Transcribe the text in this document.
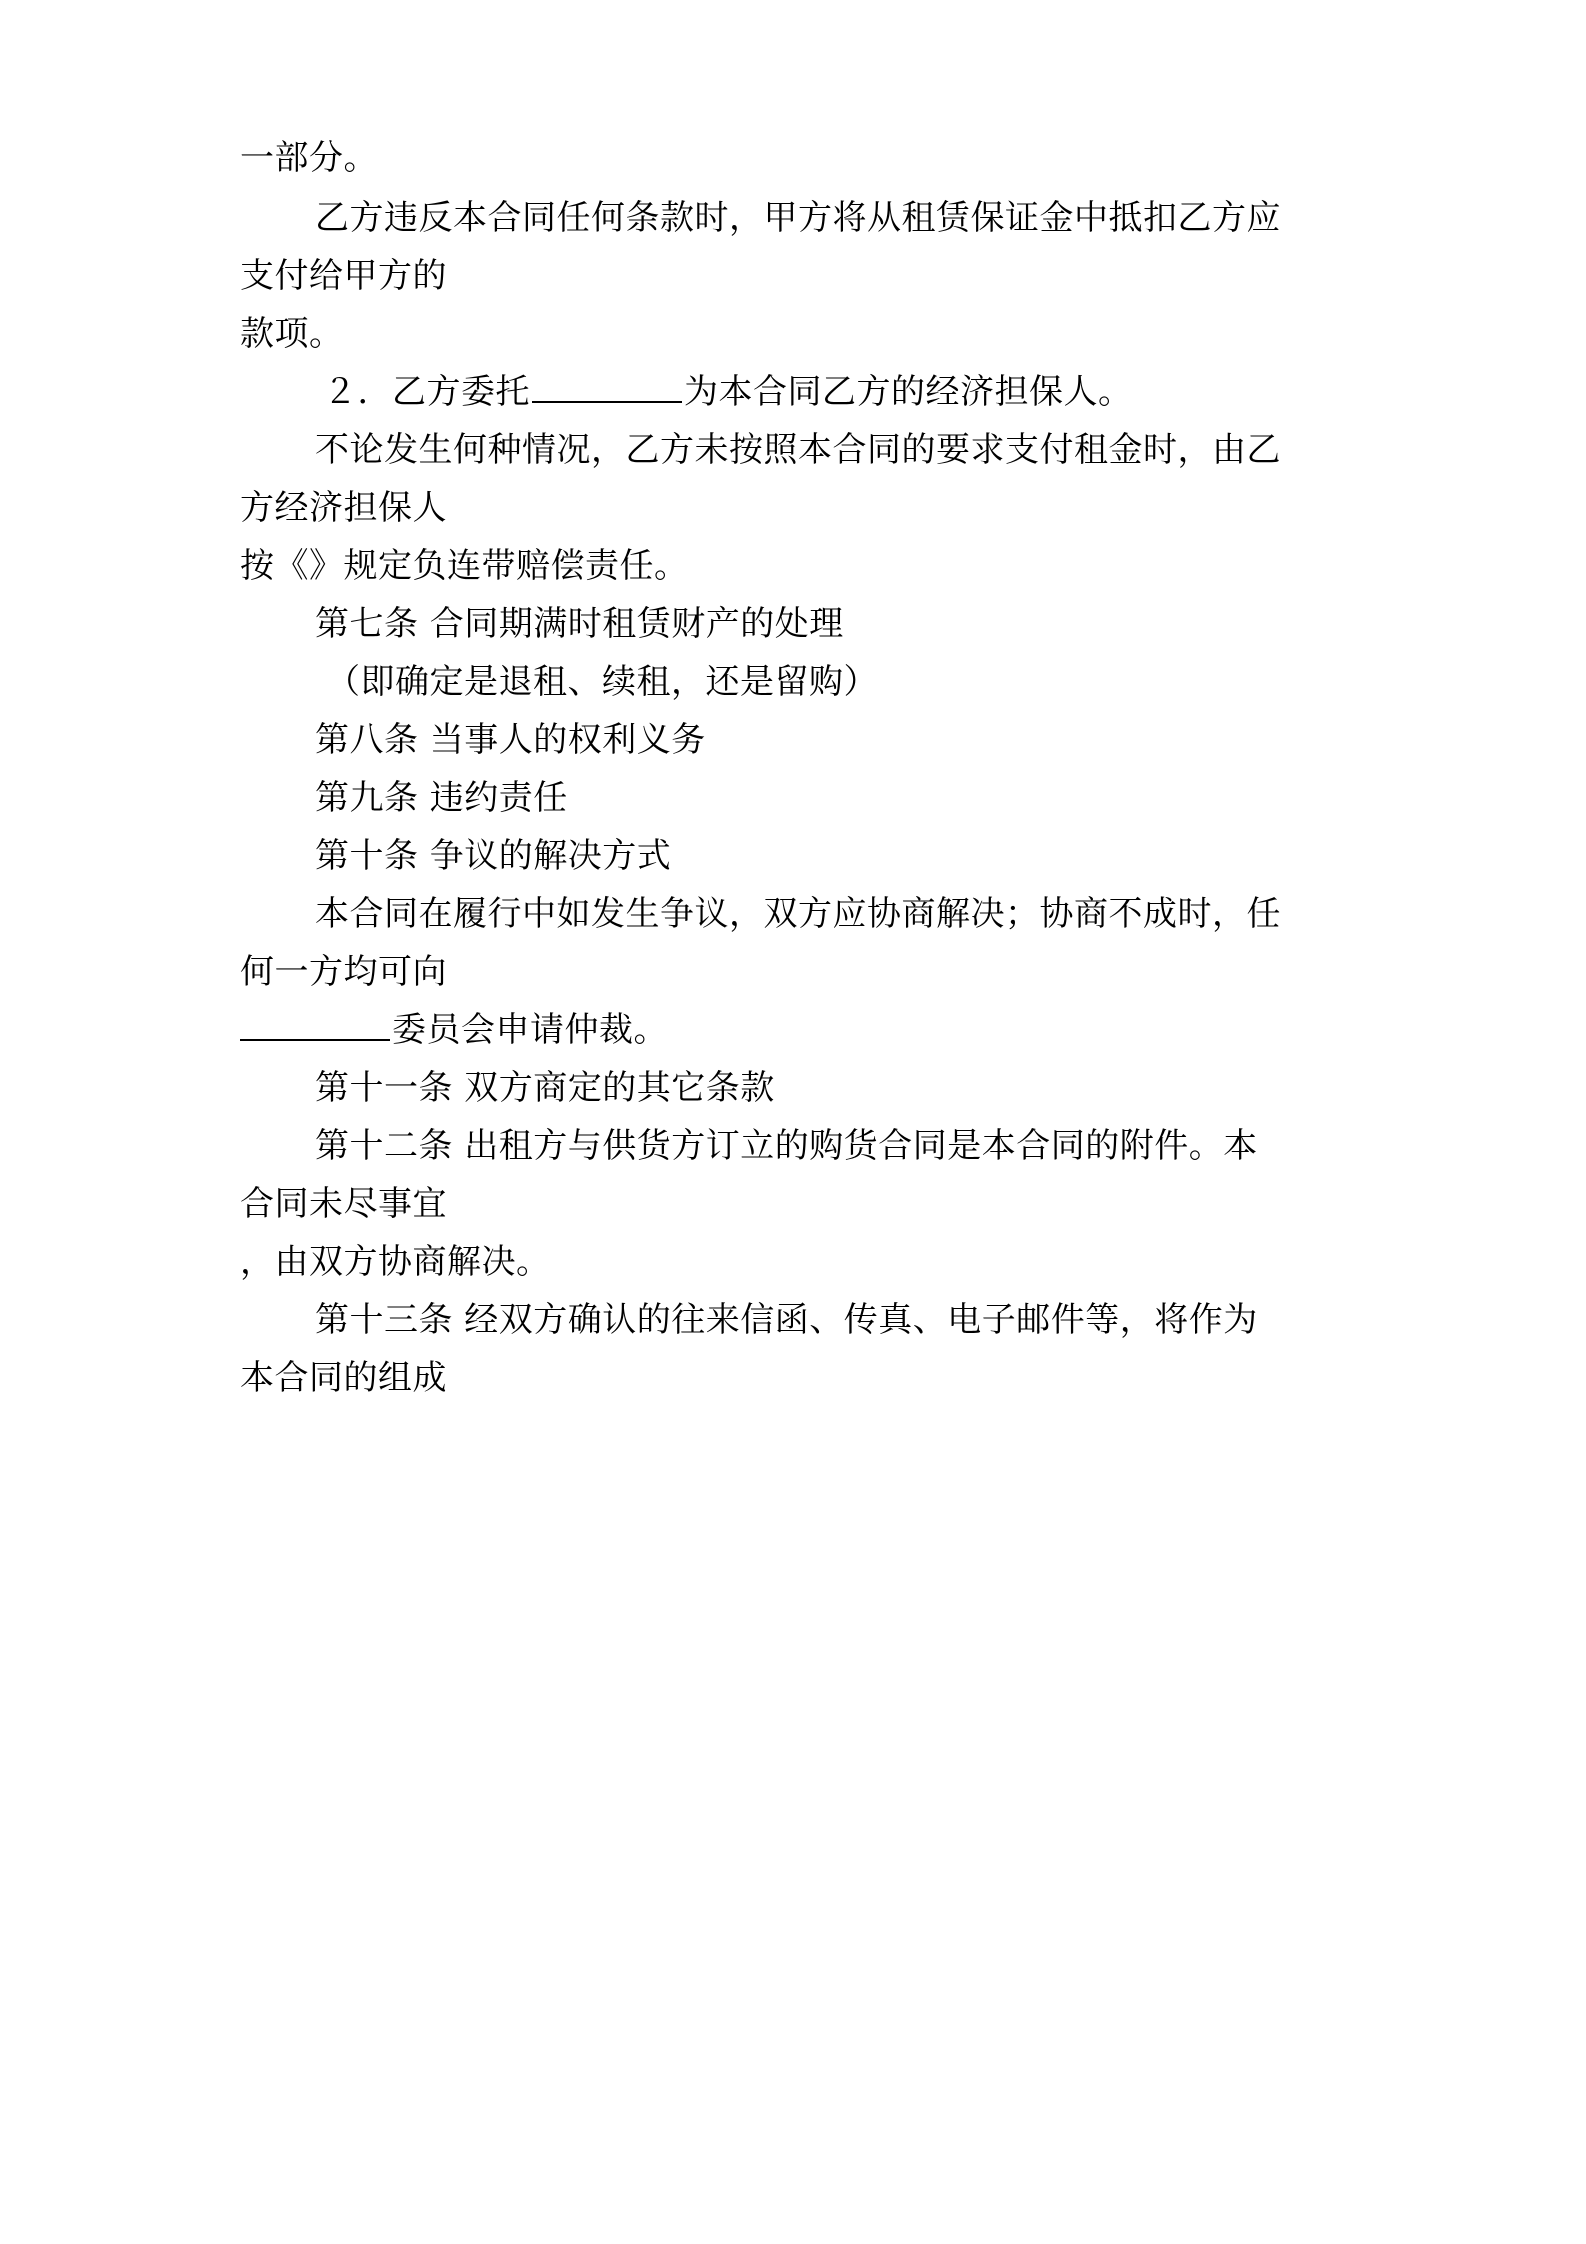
一部分。
乙方违反本合同任何条款时，甲方将从租赁保证金中抵扣乙方应
支付给甲方的
款项。
２．乙方委托	为本合同乙方的经济担保人。
不论发生何种情况，乙方未按照本合同的要求支付租金时，由乙
方经济担保人
按《》规定负连带赔偿责任。
第七条 合同期满时租赁财产的处理
（即确定是退租、续租，还是留购）
第八条 当事人的权利义务
第九条 违约责任
第十条 争议的解决方式
本合同在履行中如发生争议，双方应协商解决；协商不成时，任
何一方均可向
委员会申请仲裁。
第十一条 双方商定的其它条款
第十二条 出租方与供货方订立的购货合同是本合同的附件。本
合同未尽事宜
，由双方协商解决。
第十三条 经双方确认的往来信函、传真、电子邮件等，将作为
本合同的组成
